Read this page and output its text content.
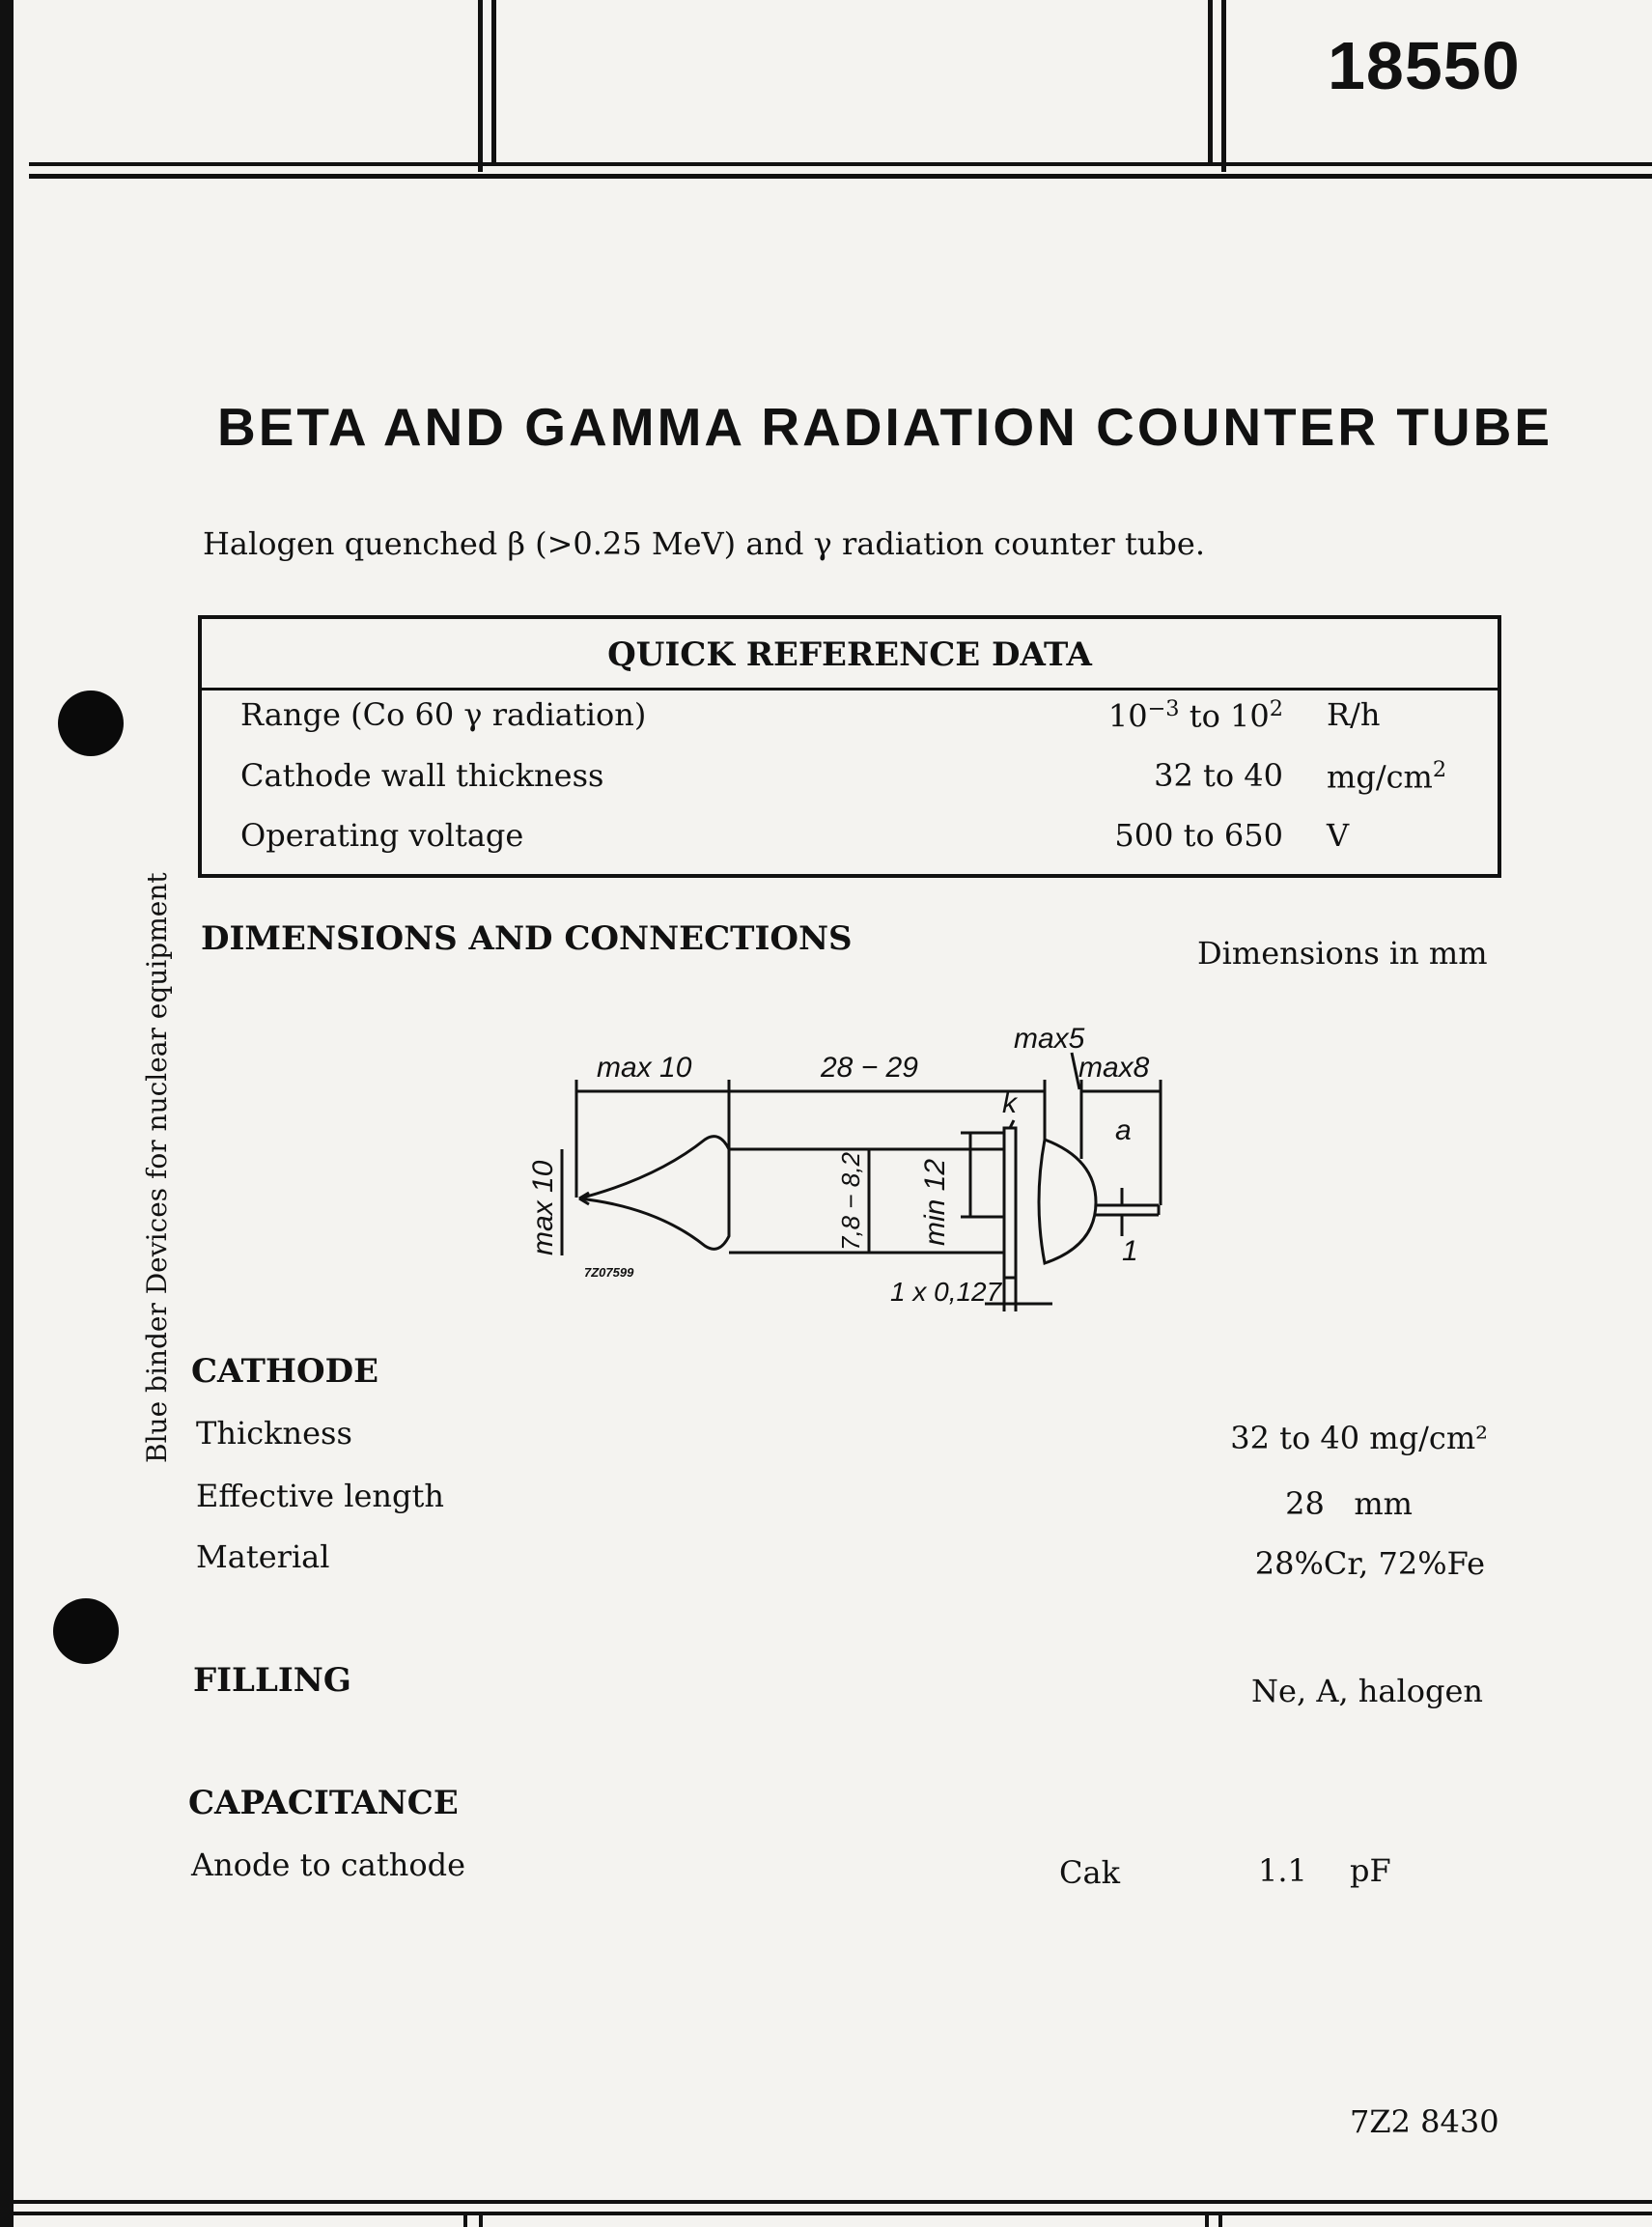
18550
BETA AND GAMMA RADIATION COUNTER TUBE
Halogen quenched β (>0.25 MeV) and γ radiation counter tube.
QUICK REFERENCE DATA
Range (Co 60 γ radiation)	$10^{-3}$ to $10^2$ R/h
Cathode wall thickness	32 to 40 $mg/cm^2$
Operating voltage	500 to 650 V
Blue binder Devices for nuclear equipment DIMENSIONS AND CONNECTIONS	Dimensions in mm
max 10	28 − 29
max5
max8
k
a
1
max 10	7,8 − 8,2 min 12
1 x 0,127
7Z07599
CATHODE
Thickness	32 to 40 mg/cm²
Effective length	28   mm
Material	28%Cr, 72%Fe
FILLING	Ne, A, halogen
CAPACITANCE
Anode to cathode	Cak	1.1 pF
7Z2 8430
